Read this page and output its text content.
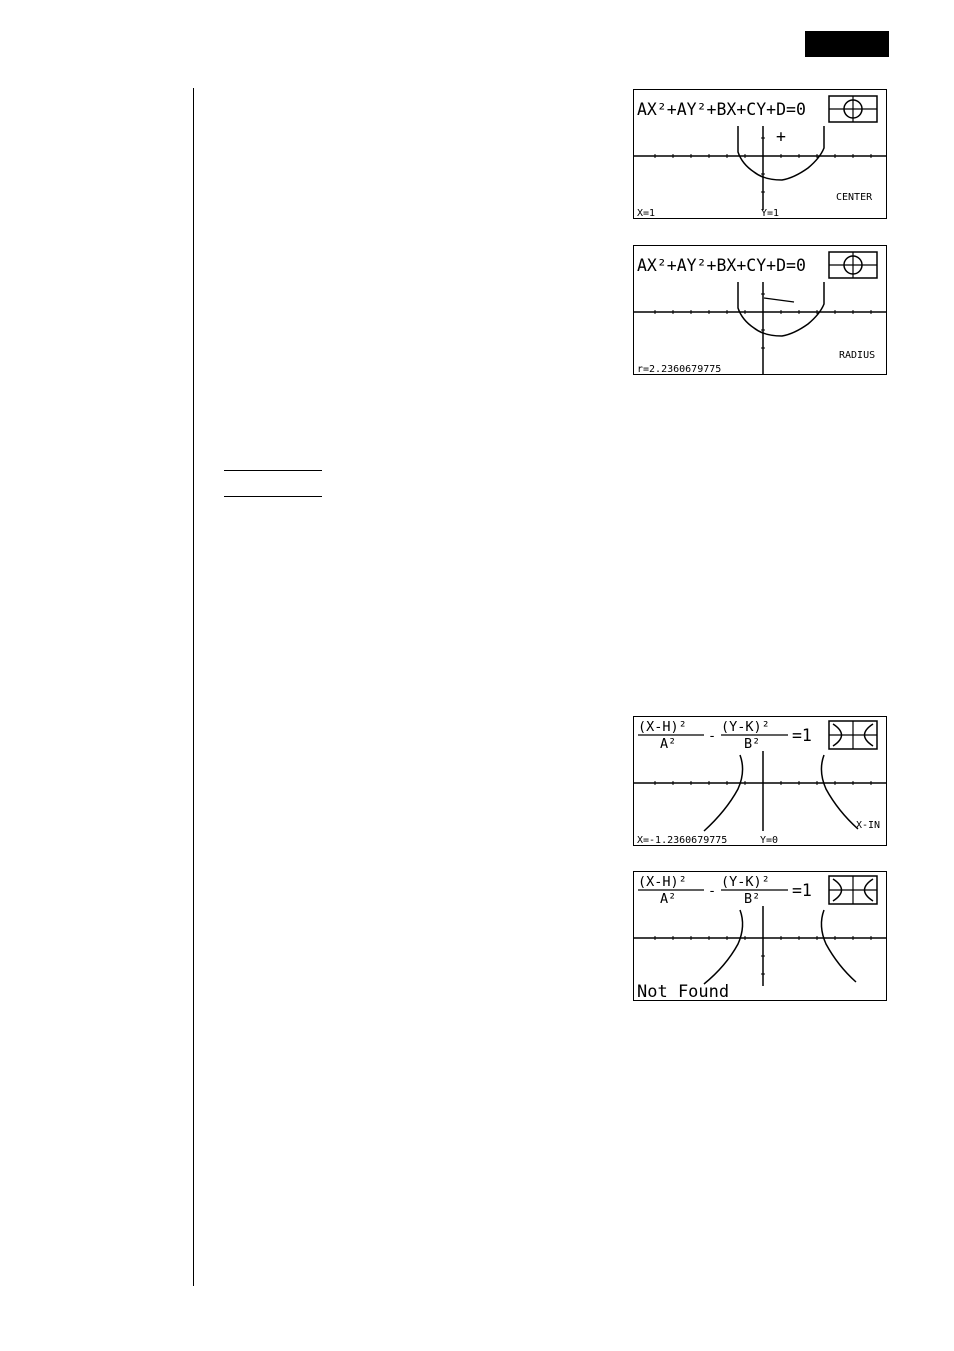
AX²+AY²+BX+CY+D=0
+
CENTER
X=1	Y=1
AX²+AY²+BX+CY+D=0
RADIUS
r=2.2360679775
(X-H)²
A² -
(Y-K)²
B² =1
X-IN
X=-1.2360679775	Y=0
(X-H)²
A² -
(Y-K)²
B² =1
Not Found
